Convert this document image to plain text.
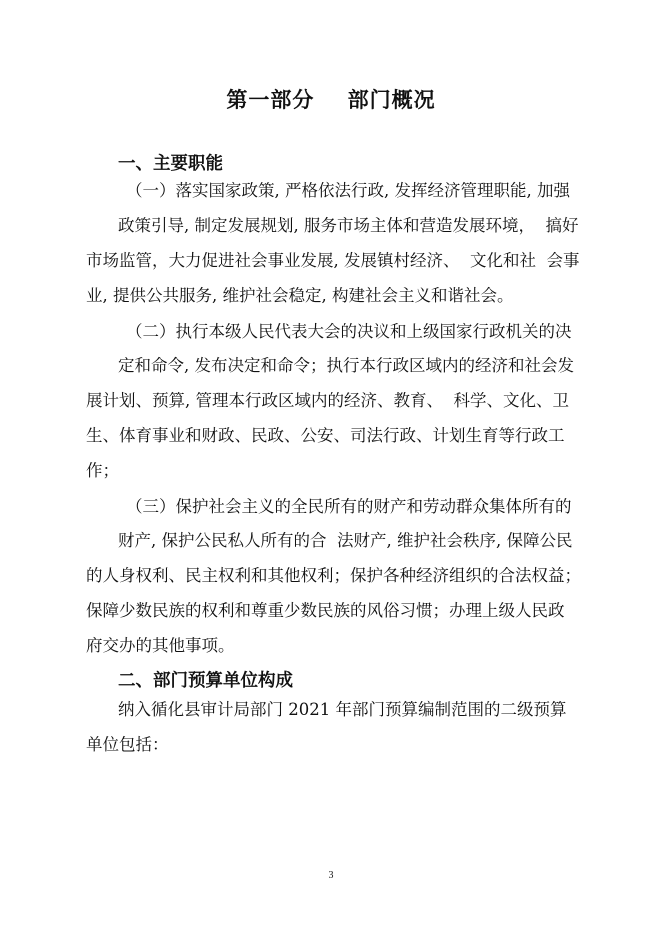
第一部分    部门概况
一、主要职能
（一）落实国家政策, 严格依法行政, 发挥经济管理职能, 加强
政策引导, 制定发展规划, 服务市场主体和营造发展环境，  搞好
市场监管，大力促进社会事业发展, 发展镇村经济、  文化和社  会事
业, 提供公共服务, 维护社会稳定, 构建社会主义和谐社会。
（二）执行本级人民代表大会的决议和上级国家行政机关的决
定和命令, 发布决定和命令；执行本行政区域内的经济和社会发
展计划、预算, 管理本行政区域内的经济、教育、  科学、文化、卫
生、体育事业和财政、民政、公安、司法行政、计划生育等行政工
作；
（三）保护社会主义的全民所有的财产和劳动群众集体所有的
财产, 保护公民私人所有的合  法财产, 维护社会秩序, 保障公民
的人身权利、民主权利和其他权利；保护各种经济组织的合法权益；
保障少数民族的权利和尊重少数民族的风俗习惯；办理上级人民政
府交办的其他事项。
二、部门预算单位构成
纳入循化县审计局部门 2021 年部门预算编制范围的二级预算
单位包括：
3
